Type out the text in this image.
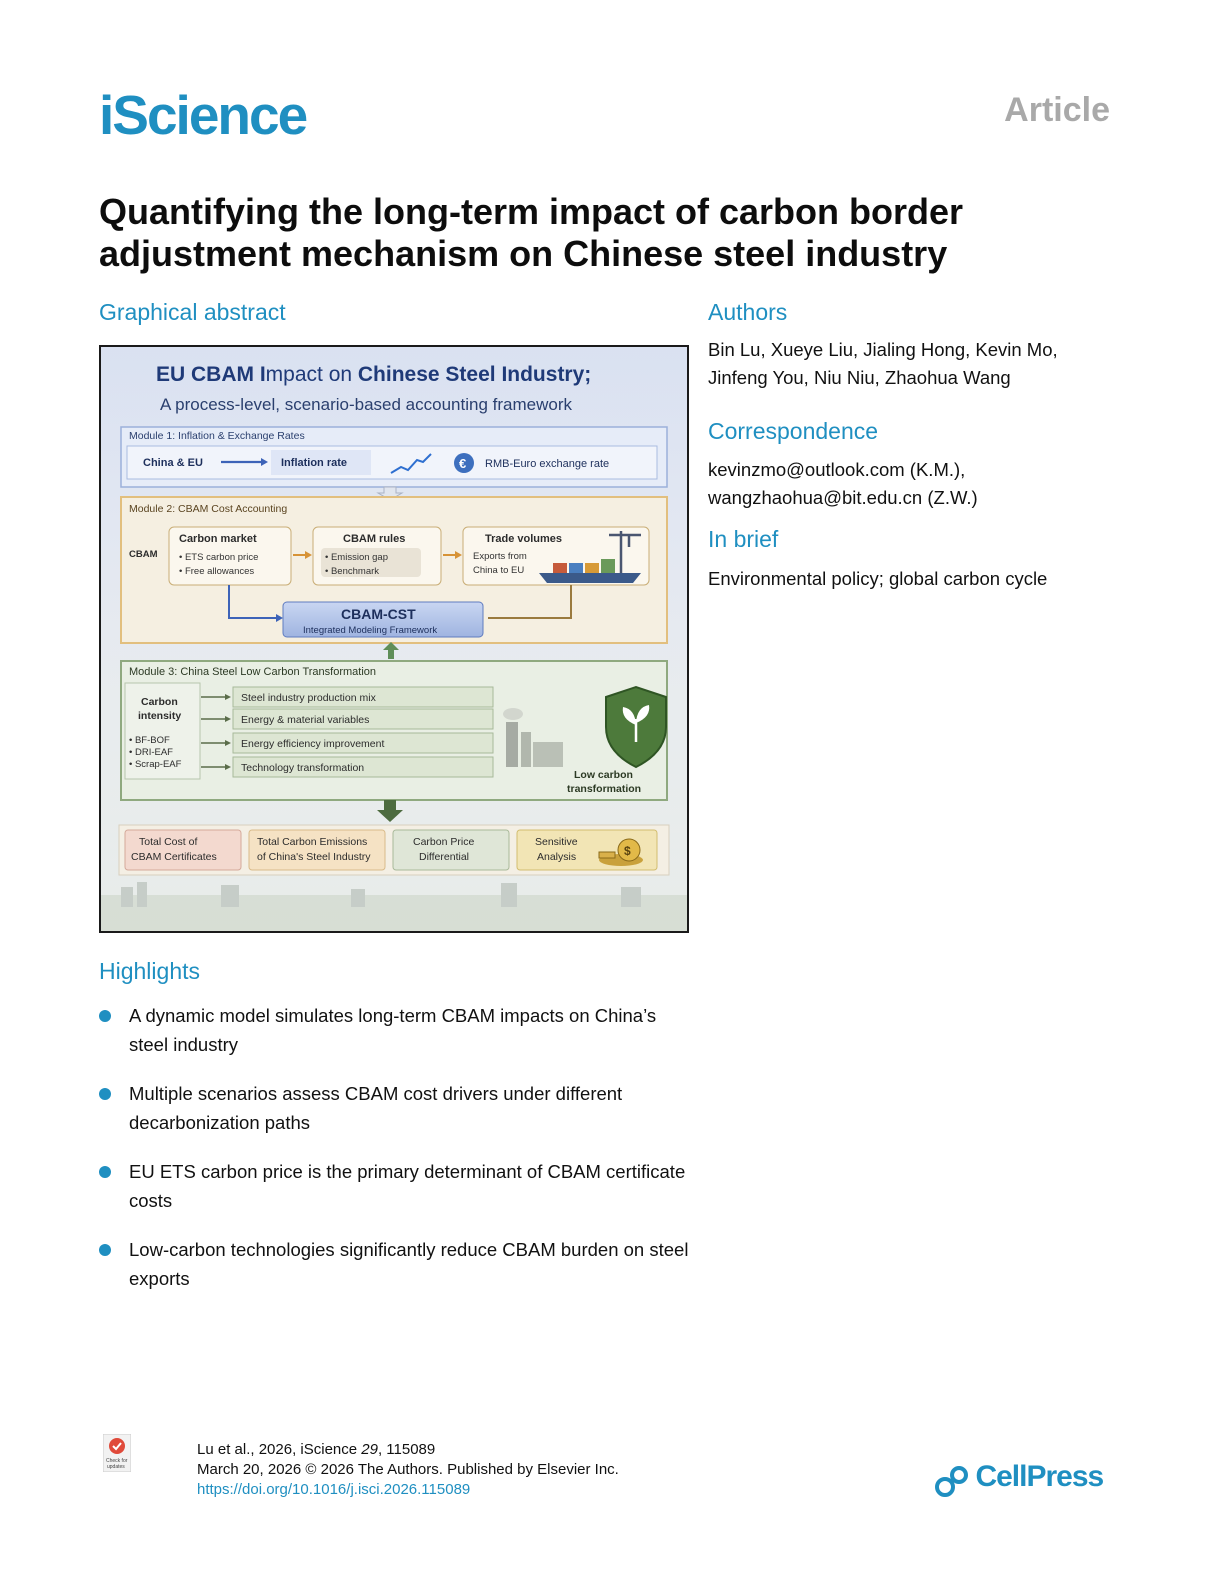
iScience	Article
Quantifying the long-term impact of carbon border adjustment mechanism on Chinese steel industry
Graphical abstract
EU CBAM Impact on Chinese Steel Industry;
A process-level, scenario-based accounting framework
Module 1: Inflation & Exchange Rates
China & EU	Inflation rate	€ RMB-Euro exchange rate
Module 2: CBAM Cost Accounting
CBAM
Carbon market
• ETS carbon price
• Free allowances
CBAM rules
• Emission gap
• Benchmark
Trade volumes
Exports from
China to EU
CBAM-CST
Integrated Modeling Framework
Module 3: China Steel Low Carbon Transformation
Carbon
intensity
• BF-BOF
• DRI-EAF
• Scrap-EAF
Steel industry production mix
Energy & material variables
Energy efficiency improvement
Technology transformation
Low carbon
transformation
Total Cost of
CBAM Certificates
Total Carbon Emissions
of China's Steel Industry
Carbon Price
Differential
Sensitive
Analysis	$
Authors
Bin Lu, Xueye Liu, Jialing Hong, Kevin Mo,
Jinfeng You, Niu Niu, Zhaohua Wang
Correspondence
kevinzmo@outlook.com (K.M.),
wangzhaohua@bit.edu.cn (Z.W.)
In brief
Environmental policy; global carbon cycle
Highlights
A dynamic model simulates long-term CBAM impacts on China’s steel industry
Multiple scenarios assess CBAM cost drivers under different decarbonization paths
EU ETS carbon price is the primary determinant of CBAM certificate costs
Low-carbon technologies significantly reduce CBAM burden on steel exports
Check for
updates
Lu et al., 2026, iScience 29, 115089
March 20, 2026 © 2026 The Authors. Published by Elsevier Inc.
https://doi.org/10.1016/j.isci.2026.115089	CellPress
